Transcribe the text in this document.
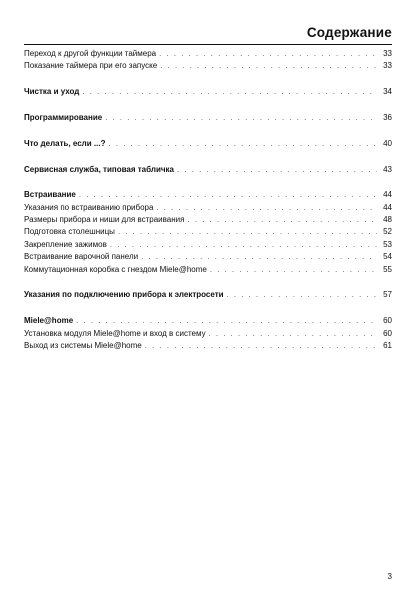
Содержание
Переход к другой функции таймера . . .	33
Показание таймера при его запуске . . .	33
Чистка и уход . . .	34
Программирование . . .	36
Что делать, если ...? . . .	40
Сервисная служба, типовая табличка . . .	43
Встраивание . . .	44
Указания по встраиванию прибора . . .	44
Размеры прибора и ниши для встраивания . . .	48
Подготовка столешницы . . .	52
Закрепление зажимов . . .	53
Встраивание варочной панели . . .	54
Коммутационная коробка с гнездом Miele@home . . .	55
Указания по подключению прибора к электросети . . .	57
Miele@home . . .	60
Установка модуля Miele@home и вход в систему . . .	60
Выход из системы Miele@home . . .	61
3
